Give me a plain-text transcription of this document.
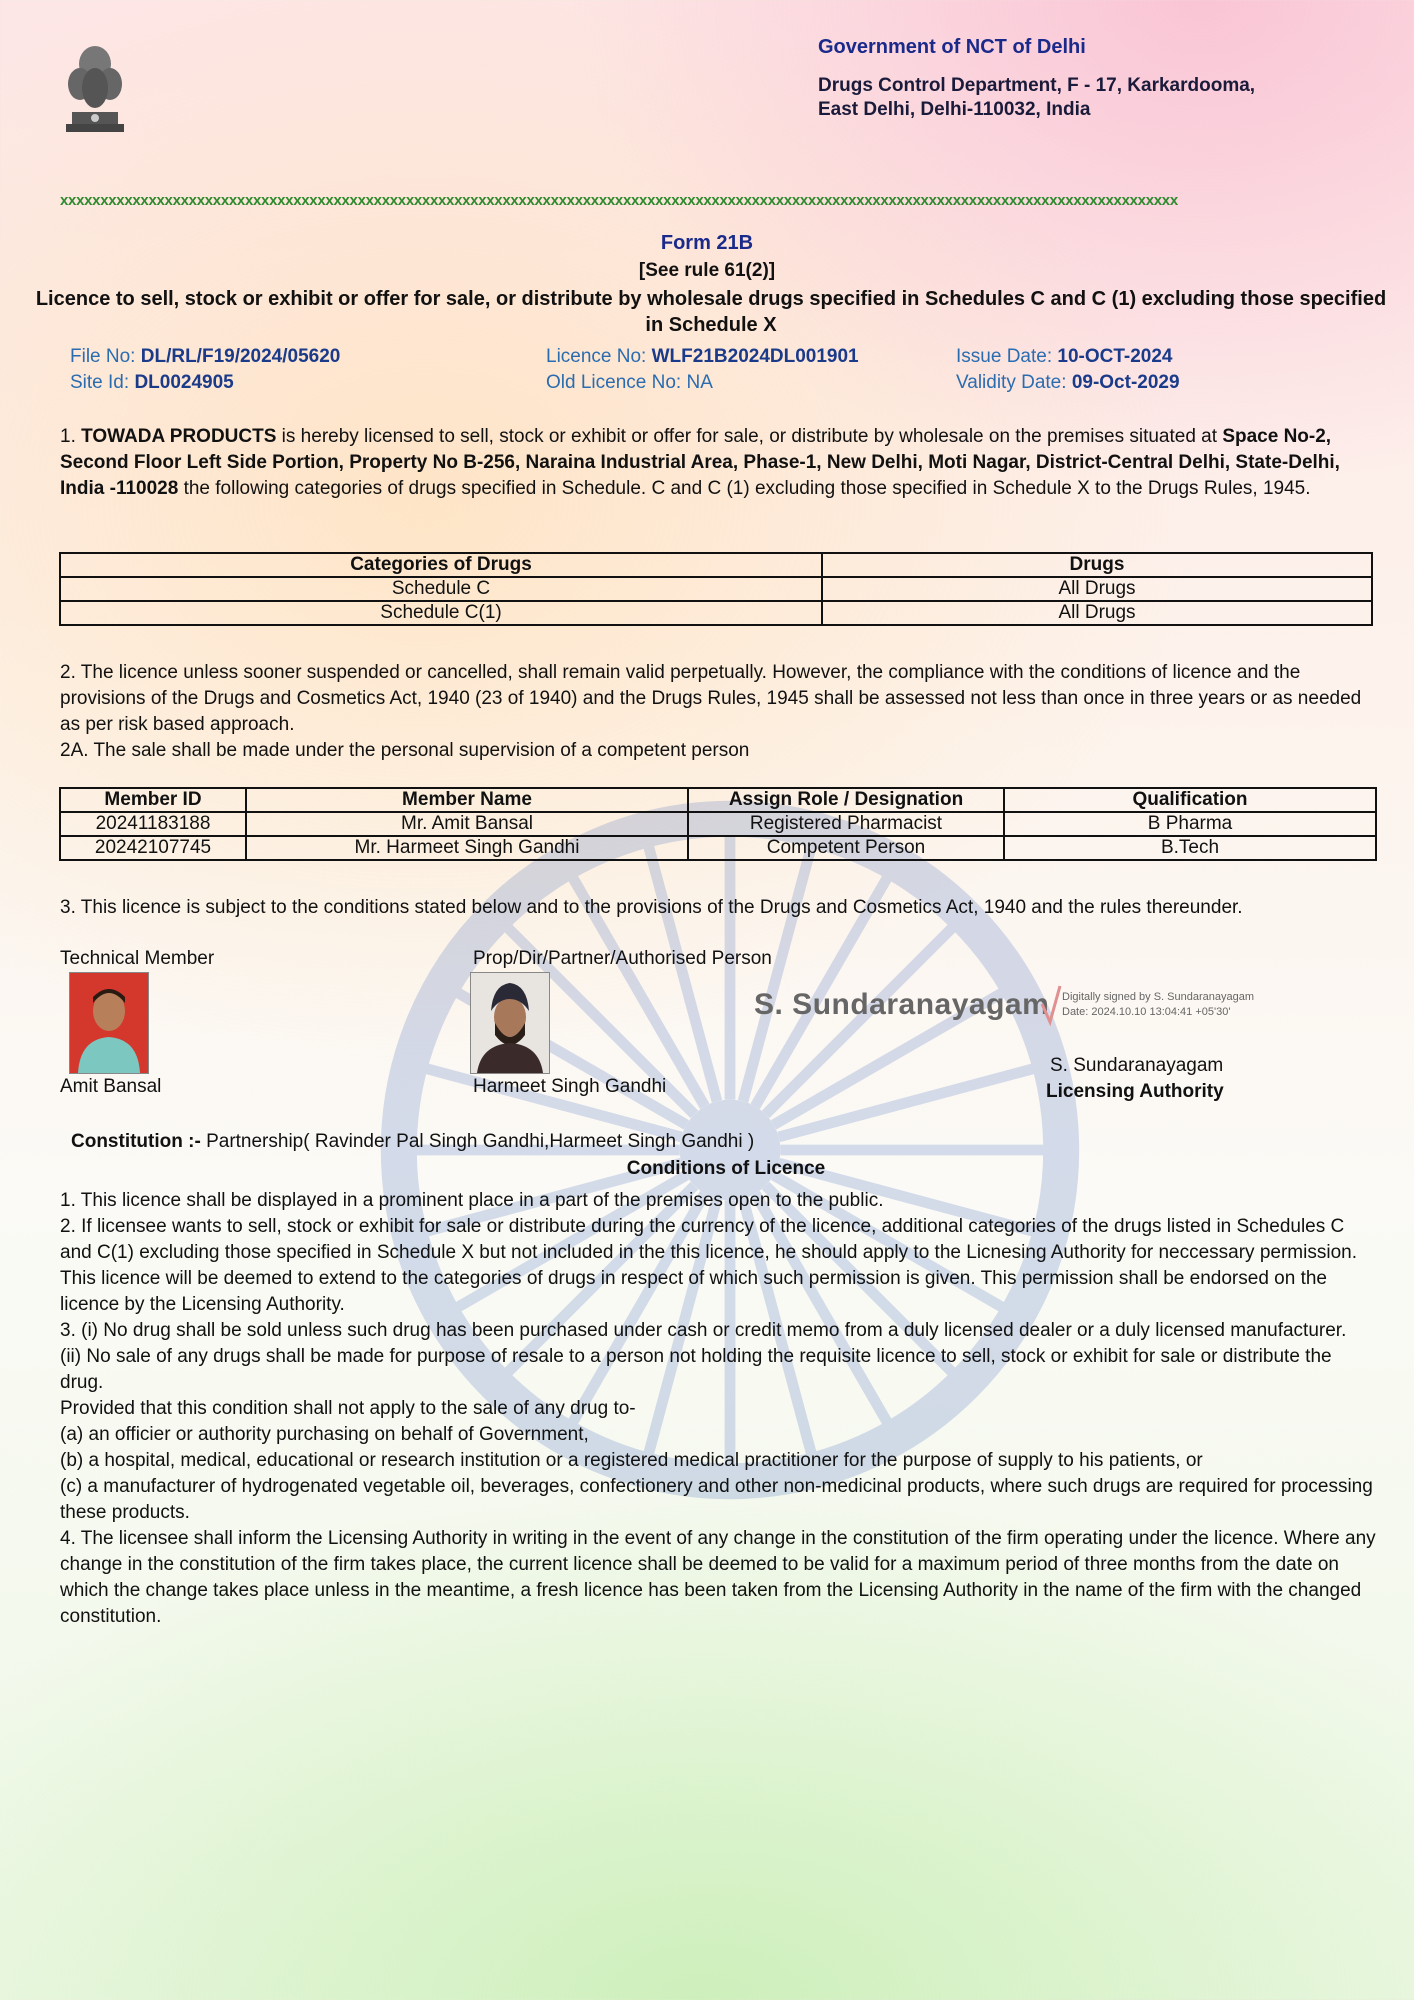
Government of NCT of Delhi
Drugs Control Department, F - 17, Karkardooma,
East Delhi, Delhi-110032, India
xxxxxxxxxxxxxxxxxxxxxxxxxxxxxxxxxxxxxxxxxxxxxxxxxxxxxxxxxxxxxxxxxxxxxxxxxxxxxxxxxxxxxxxxxxxxxxxxxxxxxxxxxxxxxxxxxxxxxxxxxxxxxxxxxxxxxxxxxxx
Form 21B
[See rule 61(2)]
Licence to sell, stock or exhibit or offer for sale, or distribute by wholesale drugs specified in Schedules C and C (1) excluding those specified in Schedule X
File No: DL/RL/F19/2024/05620
Site Id: DL0024905
Licence No: WLF21B2024DL001901
Old Licence No: NA
Issue Date: 10-OCT-2024
Validity Date: 09-Oct-2029
1. TOWADA PRODUCTS is hereby licensed to sell, stock or exhibit or offer for sale, or distribute by wholesale on the premises situated at Space No-2, Second Floor Left Side Portion, Property No B-256, Naraina Industrial Area, Phase-1, New Delhi, Moti Nagar, District-Central Delhi, State-Delhi, India -110028 the following categories of drugs specified in Schedule. C and C (1) excluding those specified in Schedule X to the Drugs Rules, 1945.
Categories of Drugs	Drugs
Schedule C	All Drugs
Schedule C(1)	All Drugs
2. The licence unless sooner suspended or cancelled, shall remain valid perpetually. However, the compliance with the conditions of licence and the provisions of the Drugs and Cosmetics Act, 1940 (23 of 1940) and the Drugs Rules, 1945 shall be assessed not less than once in three years or as needed as per risk based approach.
2A. The sale shall be made under the personal supervision of a competent person
Member ID	Member Name	Assign Role / Designation	Qualification
20241183188	Mr. Amit Bansal	Registered Pharmacist	B Pharma
20242107745	Mr. Harmeet Singh Gandhi	Competent Person	B.Tech
3. This licence is subject to the conditions stated below and to the provisions of the Drugs and Cosmetics Act, 1940 and the rules thereunder.
Technical Member
Amit Bansal
Prop/Dir/Partner/Authorised Person
Harmeet Singh Gandhi
S. Sundaranayagam Digitally signed by S. Sundaranayagam
Date: 2024.10.10 13:04:41 +05'30'
S. Sundaranayagam
Licensing Authority
Constitution :- Partnership( Ravinder Pal Singh Gandhi,Harmeet Singh Gandhi )
Conditions of Licence
1. This licence shall be displayed in a prominent place in a part of the premises open to the public.
2. If licensee wants to sell, stock or exhibit for sale or distribute during the currency of the licence, additional categories of the drugs listed in Schedules C and C(1) excluding those specified in Schedule X but not included in the this licence, he should apply to the Licnesing Authority for neccessary permission. This licence will be deemed to extend to the categories of drugs in respect of which such permission is given. This permission shall be endorsed on the licence by the Licensing Authority.
3. (i) No drug shall be sold unless such drug has been purchased under cash or credit memo from a duly licensed dealer or a duly licensed manufacturer.
(ii) No sale of any drugs shall be made for purpose of resale to a person not holding the requisite licence to sell, stock or exhibit for sale or distribute the drug.
Provided that this condition shall not apply to the sale of any drug to-
(a) an officier or authority purchasing on behalf of Government,
(b) a hospital, medical, educational or research institution or a registered medical practitioner for the purpose of supply to his patients, or
(c) a manufacturer of hydrogenated vegetable oil, beverages, confectionery and other non-medicinal products, where such drugs are required for processing these products.
4. The licensee shall inform the Licensing Authority in writing in the event of any change in the constitution of the firm operating under the licence. Where any change in the constitution of the firm takes place, the current licence shall be deemed to be valid for a maximum period of three months from the date on which the change takes place unless in the meantime, a fresh licence has been taken from the Licensing Authority in the name of the firm with the changed constitution.
